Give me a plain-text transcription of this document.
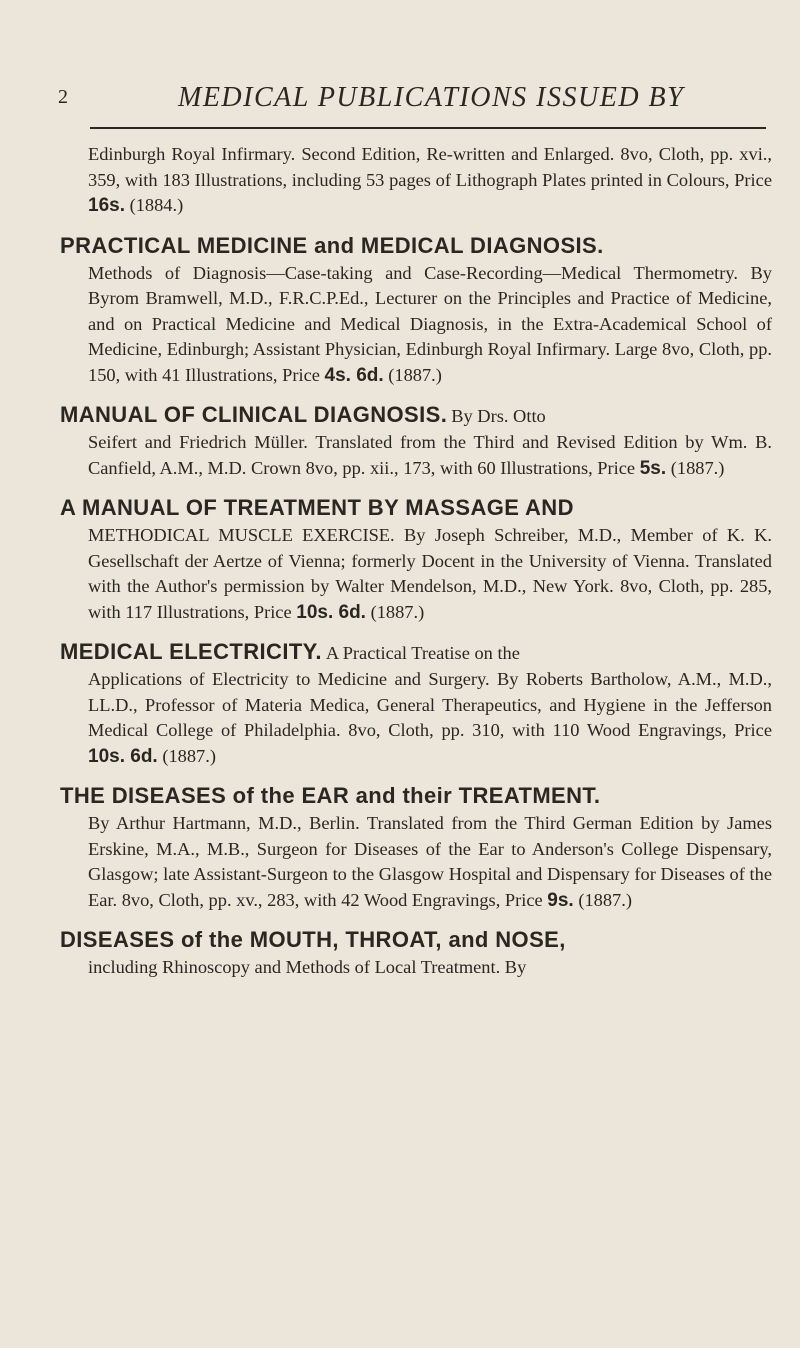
2	MEDICAL PUBLICATIONS ISSUED BY

Edinburgh Royal Infirmary. Second Edition, Re-written and Enlarged. 8vo, Cloth, pp. xvi., 359, with 183 Illustrations, including 53 pages of Lithograph Plates printed in Colours, Price 16s. (1884.)

PRACTICAL MEDICINE and MEDICAL DIAGNOSIS.

Methods of Diagnosis—Case-taking and Case-Recording—Medical Thermometry. By Byrom Bramwell, M.D., F.R.C.P.Ed., Lecturer on the Principles and Practice of Medicine, and on Practical Medicine and Medical Diagnosis, in the Extra-Academical School of Medicine, Edinburgh; Assistant Physician, Edinburgh Royal Infirmary. Large 8vo, Cloth, pp. 150, with 41 Illustrations, Price 4s. 6d. (1887.)

MANUAL OF CLINICAL DIAGNOSIS. By Drs. Otto

Seifert and Friedrich Müller. Translated from the Third and Revised Edition by Wm. B. Canfield, A.M., M.D. Crown 8vo, pp. xii., 173, with 60 Illustrations, Price 5s. (1887.)

A MANUAL OF TREATMENT BY MASSAGE AND

METHODICAL MUSCLE EXERCISE. By Joseph Schreiber, M.D., Member of K. K. Gesellschaft der Aertze of Vienna; formerly Docent in the University of Vienna. Translated with the Author's permission by Walter Mendelson, M.D., New York. 8vo, Cloth, pp. 285, with 117 Illustrations, Price 10s. 6d. (1887.)

MEDICAL ELECTRICITY. A Practical Treatise on the

Applications of Electricity to Medicine and Surgery. By Roberts Bartholow, A.M., M.D., LL.D., Professor of Materia Medica, General Therapeutics, and Hygiene in the Jefferson Medical College of Philadelphia. 8vo, Cloth, pp. 310, with 110 Wood Engravings, Price 10s. 6d. (1887.)

THE DISEASES of the EAR and their TREATMENT.

By Arthur Hartmann, M.D., Berlin. Translated from the Third German Edition by James Erskine, M.A., M.B., Surgeon for Diseases of the Ear to Anderson's College Dispensary, Glasgow; late Assistant-Surgeon to the Glasgow Hospital and Dispensary for Diseases of the Ear. 8vo, Cloth, pp. xv., 283, with 42 Wood Engravings, Price 9s. (1887.)

DISEASES of the MOUTH, THROAT, and NOSE,

including Rhinoscopy and Methods of Local Treatment. By
